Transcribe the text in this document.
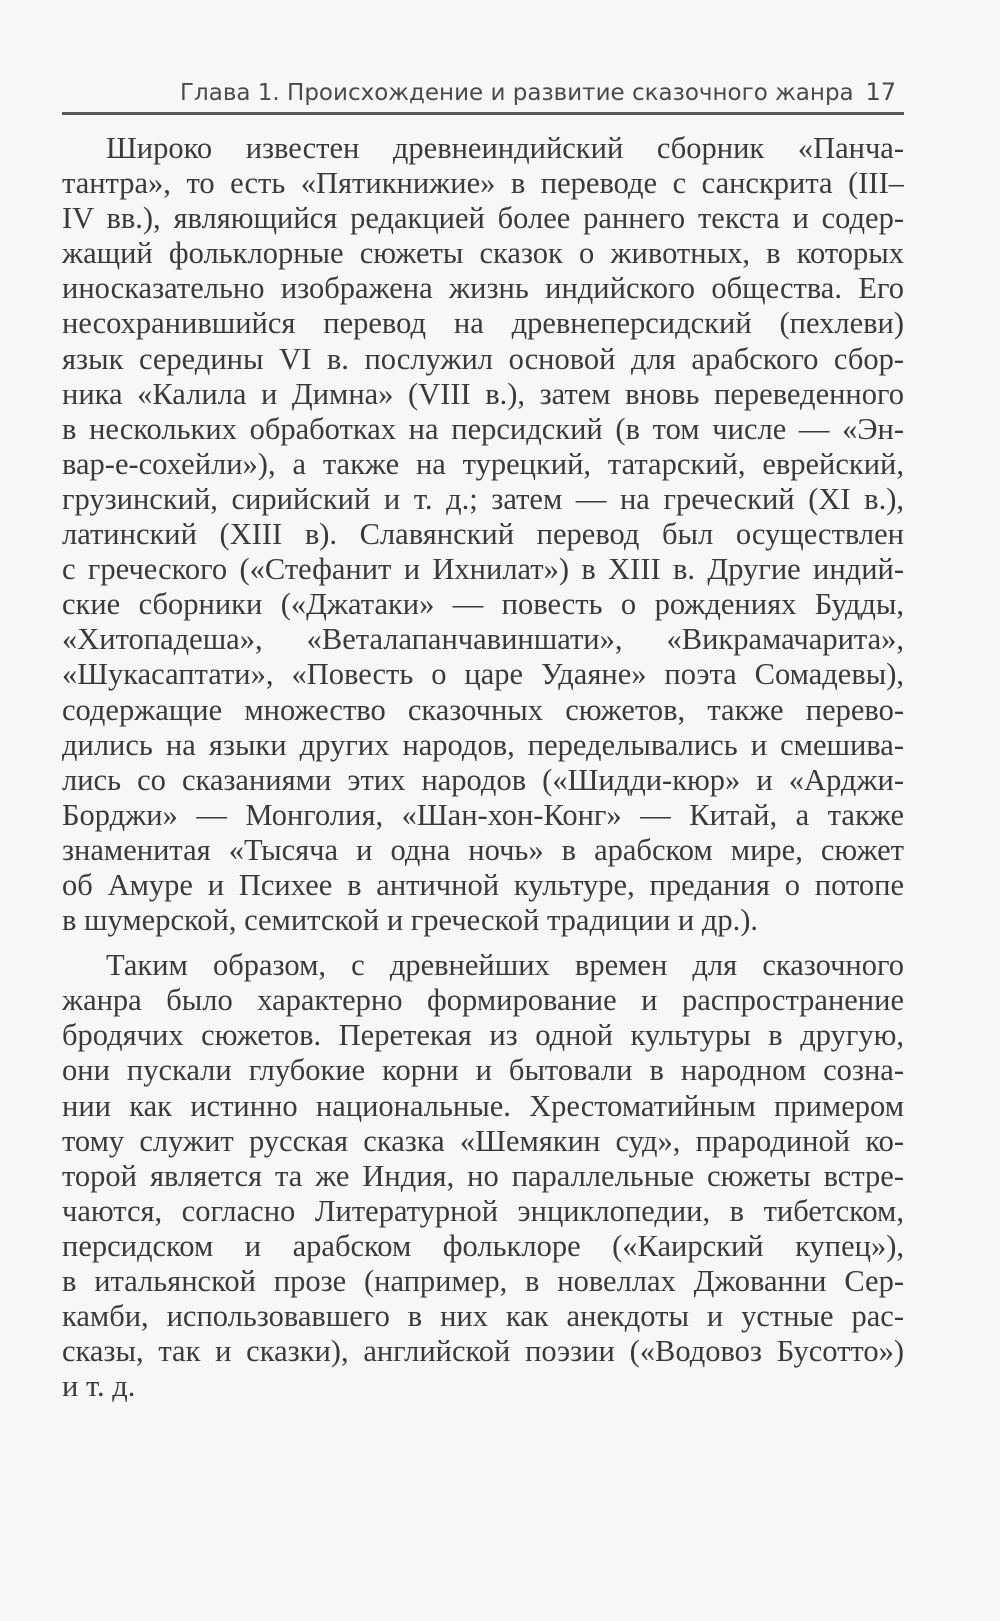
Глава 1. Происхождение и развитие сказочного жанра 17

Широко известен древнеиндийский сборник «Панча-
тантра», то есть «Пятикнижие» в переводе с санскрита (III–
IV вв.), являющийся редакцией более раннего текста и содер-
жащий фольклорные сюжеты сказок о животных, в которых
иносказательно изображена жизнь индийского общества. Его
несохранившийся перевод на древнеперсидский (пехлеви)
язык середины VI в. послужил основой для арабского сбор-
ника «Калила и Димна» (VIII в.), затем вновь переведенного
в нескольких обработках на персидский (в том числе — «Эн-
вар-е-сохейли»), а также на турецкий, татарский, еврейский,
грузинский, сирийский и т. д.; затем — на греческий (XI в.),
латинский (XIII в). Славянский перевод был осуществлен
с греческого («Стефанит и Ихнилат») в XIII в. Другие индий-
ские сборники («Джатаки» — повесть о рождениях Будды,
«Хитопадеша», «Веталапанчавиншати», «Викрамачарита»,
«Шукасаптати», «Повесть о царе Удаяне» поэта Сомадевы),
содержащие множество сказочных сюжетов, также перево-
дились на языки других народов, переделывались и смешива-
лись со сказаниями этих народов («Шидди-кюр» и «Арджи-
Борджи» — Монголия, «Шан-хон-Конг» — Китай, а также
знаменитая «Тысяча и одна ночь» в арабском мире, сюжет
об Амуре и Психее в античной культуре, предания о потопе
в шумерской, семитской и греческой традиции и др.).

Таким образом, с древнейших времен для сказочного
жанра было характерно формирование и распространение
бродячих сюжетов. Перетекая из одной культуры в другую,
они пускали глубокие корни и бытовали в народном созна-
нии как истинно национальные. Хрестоматийным примером
тому служит русская сказка «Шемякин суд», прародиной ко-
торой является та же Индия, но параллельные сюжеты встре-
чаются, согласно Литературной энциклопедии, в тибетском,
персидском и арабском фольклоре («Каирский купец»),
в итальянской прозе (например, в новеллах Джованни Сер-
камби, использовавшего в них как анекдоты и устные рас-
сказы, так и сказки), английской поэзии («Водовоз Бусотто»)
и т. д.
